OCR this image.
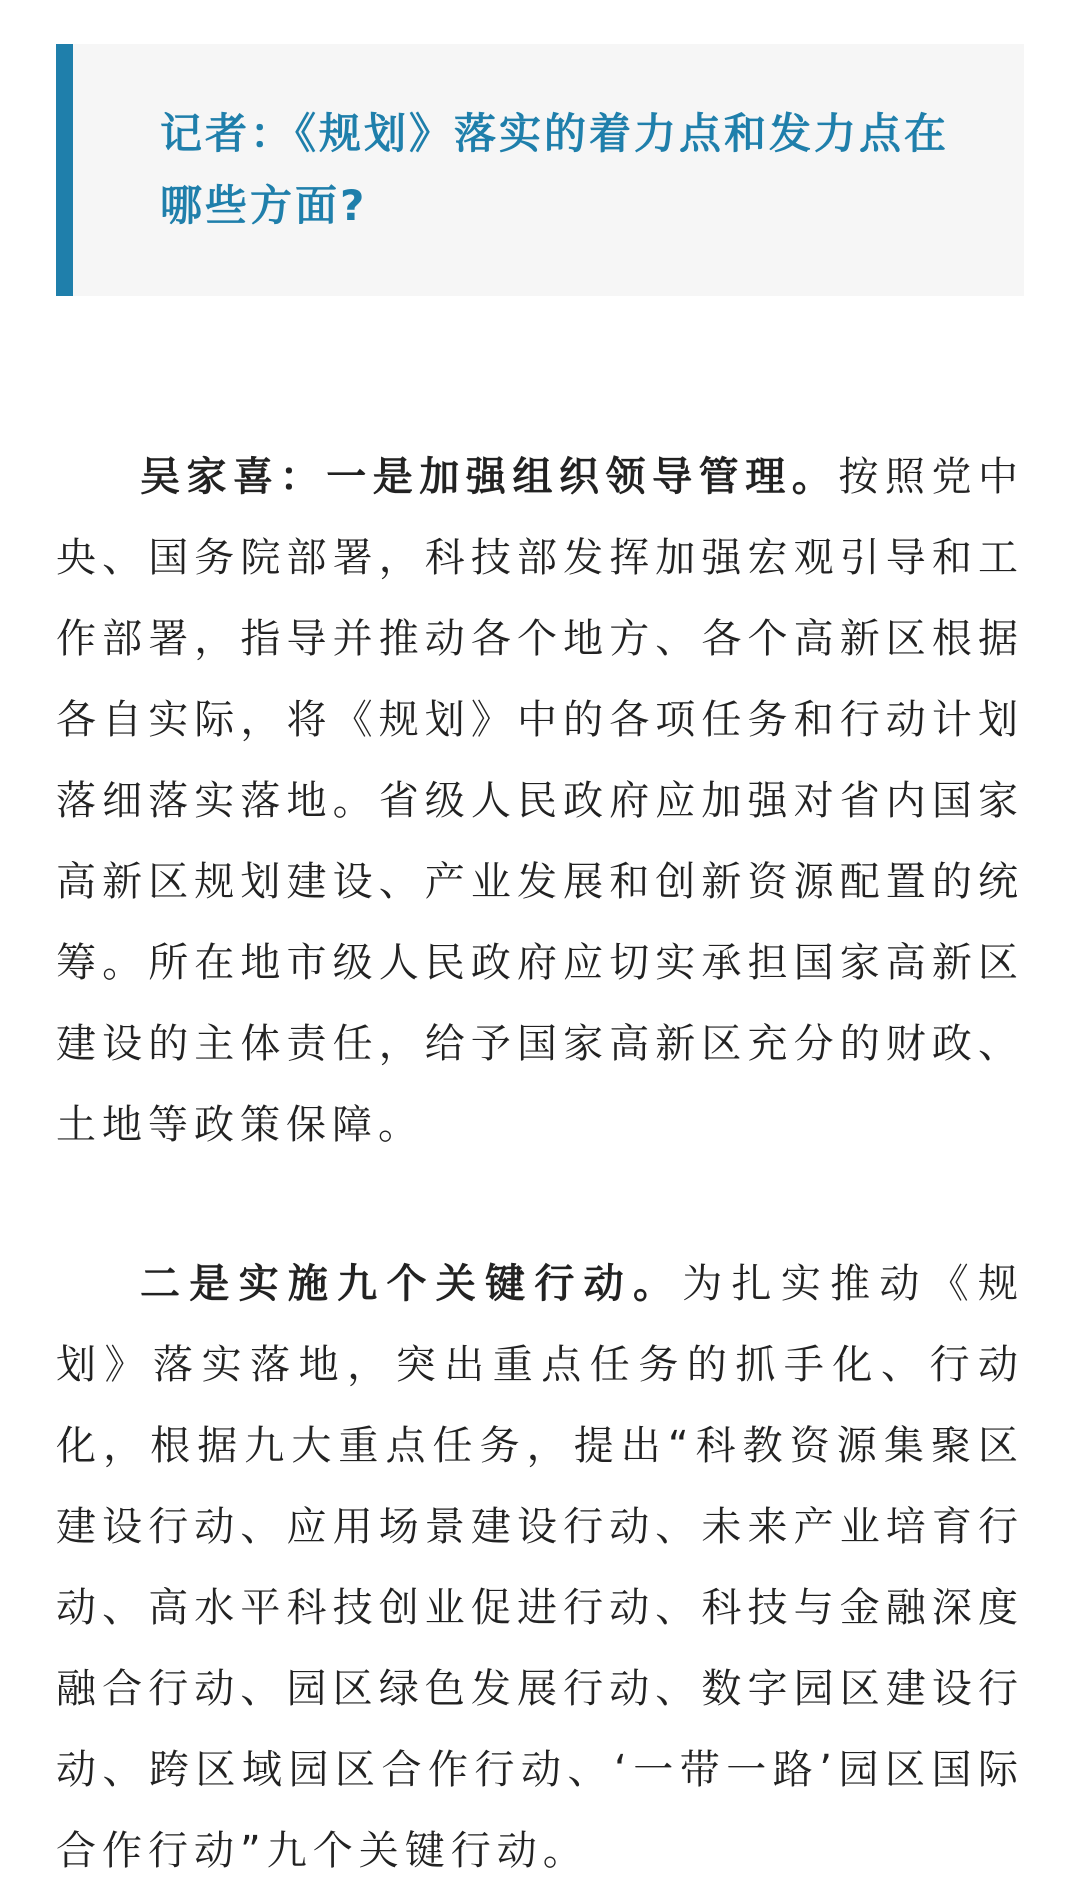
记者：《规划》落实的着力点和发力点在哪些方面?

吴家喜：一是加强组织领导管理。按照党中央、国务院部署，科技部发挥加强宏观引导和工作部署，指导并推动各个地方、各个高新区根据各自实际，将《规划》中的各项任务和行动计划落细落实落地。省级人民政府应加强对省内国家高新区规划建设、产业发展和创新资源配置的统筹。所在地市级人民政府应切实承担国家高新区建设的主体责任，给予国家高新区充分的财政、土地等政策保障。

二是实施九个关键行动。为扎实推动《规划》落实落地，突出重点任务的抓手化、行动化，根据九大重点任务，提出“科教资源集聚区建设行动、应用场景建设行动、未来产业培育行动、高水平科技创业促进行动、科技与金融深度融合行动、园区绿色发展行动、数字园区建设行动、跨区域园区合作行动、‘一带一路’园区国际合作行动”九个关键行动。
